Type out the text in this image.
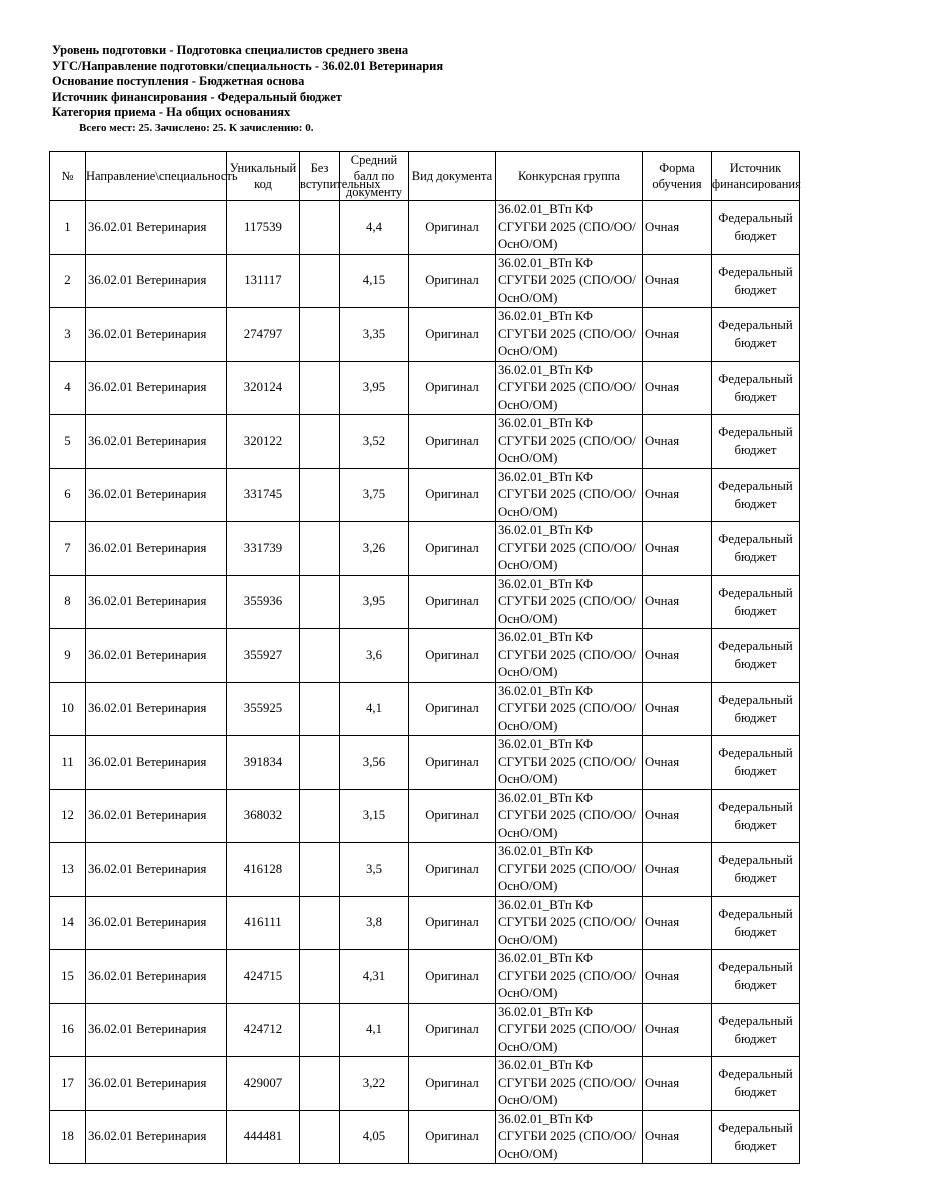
Уровень подготовки - Подготовка специалистов среднего звена
УГС/Направление подготовки/специальность - 36.02.01 Ветеринария
Основание поступления - Бюджетная основа
Источник финансирования - Федеральный бюджет
Категория приема - На общих основаниях
Всего мест: 25. Зачислено: 25. К зачислению: 0.
№	Направление\специальность	Уникальный код	Без вступительных	Средний балл по документу	Вид документа	Конкурсная группа	Форма обучения	Источник финансирования
1	36.02.01 Ветеринария	117539		4,4	Оригинал	36.02.01_ВТп КФ СГУГБИ 2025 (СПО/ОО/ОснО/ОМ)	Очная	Федеральный бюджет
2	36.02.01 Ветеринария	131117		4,15	Оригинал	36.02.01_ВТп КФ СГУГБИ 2025 (СПО/ОО/ОснО/ОМ)	Очная	Федеральный бюджет
3	36.02.01 Ветеринария	274797		3,35	Оригинал	36.02.01_ВТп КФ СГУГБИ 2025 (СПО/ОО/ОснО/ОМ)	Очная	Федеральный бюджет
4	36.02.01 Ветеринария	320124		3,95	Оригинал	36.02.01_ВТп КФ СГУГБИ 2025 (СПО/ОО/ОснО/ОМ)	Очная	Федеральный бюджет
5	36.02.01 Ветеринария	320122		3,52	Оригинал	36.02.01_ВТп КФ СГУГБИ 2025 (СПО/ОО/ОснО/ОМ)	Очная	Федеральный бюджет
6	36.02.01 Ветеринария	331745		3,75	Оригинал	36.02.01_ВТп КФ СГУГБИ 2025 (СПО/ОО/ОснО/ОМ)	Очная	Федеральный бюджет
7	36.02.01 Ветеринария	331739		3,26	Оригинал	36.02.01_ВТп КФ СГУГБИ 2025 (СПО/ОО/ОснО/ОМ)	Очная	Федеральный бюджет
8	36.02.01 Ветеринария	355936		3,95	Оригинал	36.02.01_ВТп КФ СГУГБИ 2025 (СПО/ОО/ОснО/ОМ)	Очная	Федеральный бюджет
9	36.02.01 Ветеринария	355927		3,6	Оригинал	36.02.01_ВТп КФ СГУГБИ 2025 (СПО/ОО/ОснО/ОМ)	Очная	Федеральный бюджет
10	36.02.01 Ветеринария	355925		4,1	Оригинал	36.02.01_ВТп КФ СГУГБИ 2025 (СПО/ОО/ОснО/ОМ)	Очная	Федеральный бюджет
11	36.02.01 Ветеринария	391834		3,56	Оригинал	36.02.01_ВТп КФ СГУГБИ 2025 (СПО/ОО/ОснО/ОМ)	Очная	Федеральный бюджет
12	36.02.01 Ветеринария	368032		3,15	Оригинал	36.02.01_ВТп КФ СГУГБИ 2025 (СПО/ОО/ОснО/ОМ)	Очная	Федеральный бюджет
13	36.02.01 Ветеринария	416128		3,5	Оригинал	36.02.01_ВТп КФ СГУГБИ 2025 (СПО/ОО/ОснО/ОМ)	Очная	Федеральный бюджет
14	36.02.01 Ветеринария	416111		3,8	Оригинал	36.02.01_ВТп КФ СГУГБИ 2025 (СПО/ОО/ОснО/ОМ)	Очная	Федеральный бюджет
15	36.02.01 Ветеринария	424715		4,31	Оригинал	36.02.01_ВТп КФ СГУГБИ 2025 (СПО/ОО/ОснО/ОМ)	Очная	Федеральный бюджет
16	36.02.01 Ветеринария	424712		4,1	Оригинал	36.02.01_ВТп КФ СГУГБИ 2025 (СПО/ОО/ОснО/ОМ)	Очная	Федеральный бюджет
17	36.02.01 Ветеринария	429007		3,22	Оригинал	36.02.01_ВТп КФ СГУГБИ 2025 (СПО/ОО/ОснО/ОМ)	Очная	Федеральный бюджет
18	36.02.01 Ветеринария	444481		4,05	Оригинал	36.02.01_ВТп КФ СГУГБИ 2025 (СПО/ОО/ОснО/ОМ)	Очная	Федеральный бюджет
